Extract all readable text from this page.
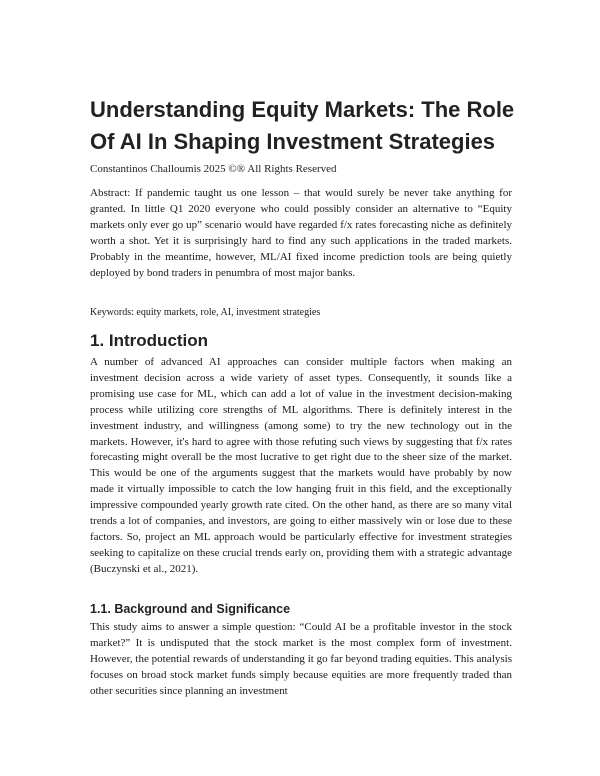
Understanding Equity Markets: The Role Of AI In Shaping Investment Strategies
Constantinos Challoumis 2025 ©® All Rights Reserved

Abstract: If pandemic taught us one lesson – that would surely be never take anything for granted. In little Q1 2020 everyone who could possibly consider an alternative to “Equity markets only ever go up” scenario would have regarded f/x rates forecasting niche as definitely worth a shot. Yet it is surprisingly hard to find any such applications in the traded markets. Probably in the meantime, however, ML/AI fixed income prediction tools are being quietly deployed by bond traders in penumbra of most major banks.

Keywords: equity markets, role, AI, investment strategies
1. Introduction

A number of advanced AI approaches can consider multiple factors when making an investment decision across a wide variety of asset types. Consequently, it sounds like a promising use case for ML, which can add a lot of value in the investment decision-making process while utilizing core strengths of ML algorithms. There is definitely interest in the investment industry, and willingness (among some) to try the new technology out in the markets. However, it's hard to agree with those refuting such views by suggesting that f/x rates forecasting might overall be the most lucrative to get right due to the sheer size of the market. This would be one of the arguments suggest that the markets would have probably by now made it virtually impossible to catch the low hanging fruit in this field, and the exceptionally impressive compounded yearly growth rate cited. On the other hand, as there are so many vital trends a lot of companies, and investors, are going to either massively win or lose due to these factors. So, project an ML approach would be particularly effective for investment strategies seeking to capitalize on these crucial trends early on, providing them with a strategic advantage (Buczynski et al., 2021).

1.1. Background and Significance

This study aims to answer a simple question: “Could AI be a profitable investor in the stock market?” It is undisputed that the stock market is the most complex form of investment. However, the potential rewards of understanding it go far beyond trading equities. This analysis focuses on broad stock market funds simply because equities are more frequently traded than other securities since planning an investment
